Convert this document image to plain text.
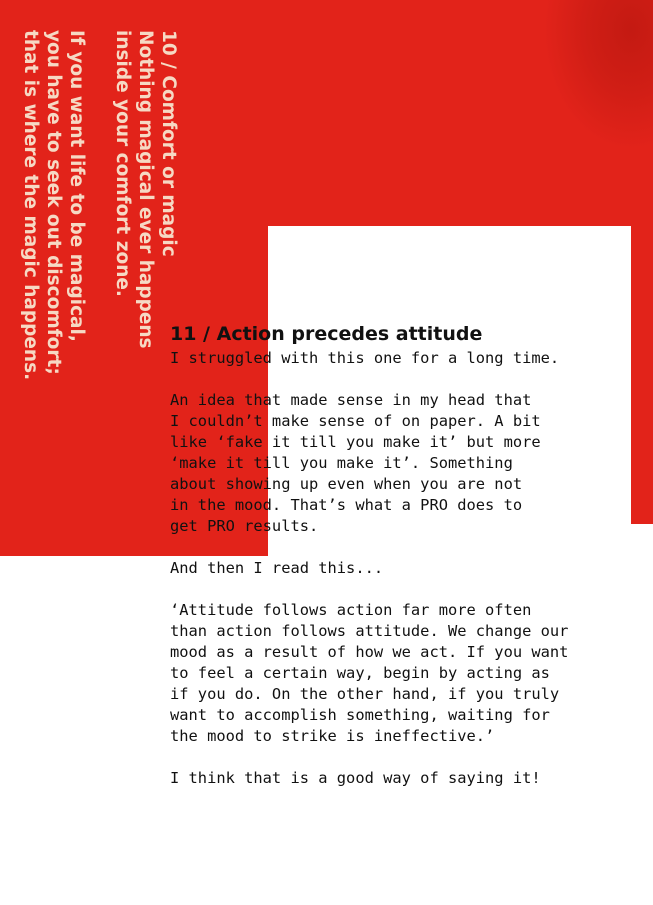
10 / Comfort or magic

Nothing magical ever happens

inside your comfort zone.

If you want life to be magical,

you have to seek out discomfort;

that is where the magic happens.	11 / Action precedes attitude

I struggled with this one for a long time.

An idea that made sense in my head that
I couldn’t make sense of on paper. A bit
like ‘fake it till you make it’ but more
‘make it till you make it’. Something
about showing up even when you are not
in the mood. That’s what a PRO does to
get PRO results.

And then I read this...

‘Attitude follows action far more often
than action follows attitude. We change our
mood as a result of how we act. If you want
to feel a certain way, begin by acting as
if you do. On the other hand, if you truly
want to accomplish something, waiting for
the mood to strike is ineffective.’

I think that is a good way of saying it!
